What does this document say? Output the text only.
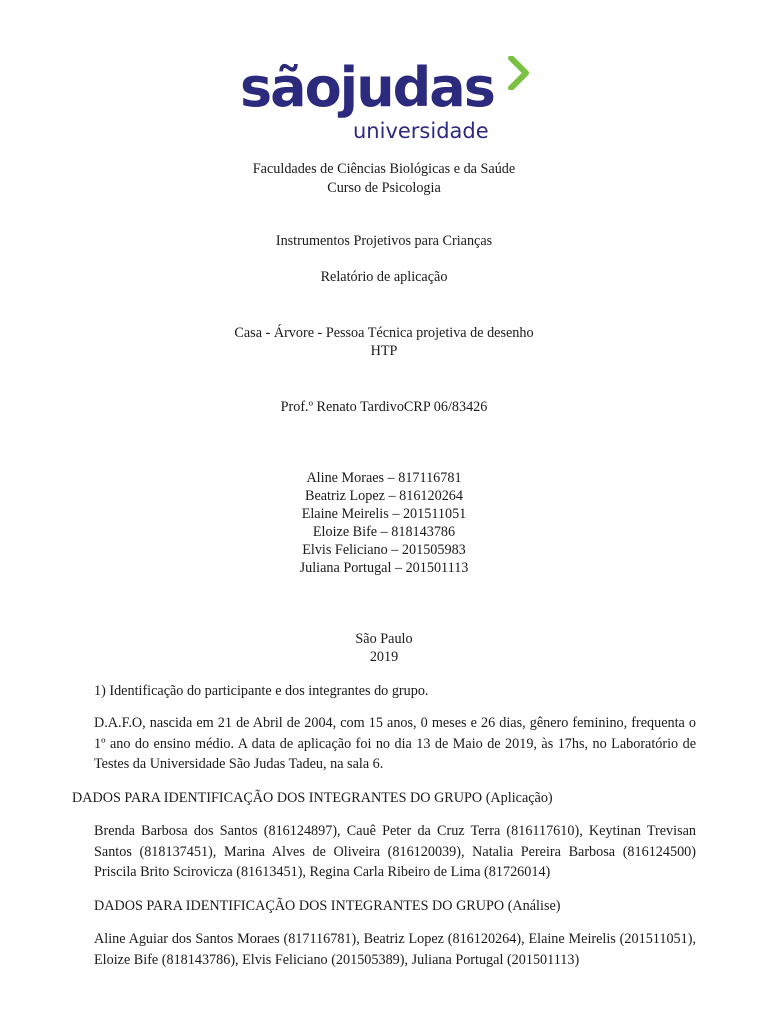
sãojudas
universidade
Faculdades de Ciências Biológicas e da Saúde
Curso de Psicologia
Instrumentos Projetivos para Crianças
Relatório de aplicação
Casa - Árvore - Pessoa Técnica projetiva de desenho
HTP
Prof.º Renato TardivoCRP 06/83426
Aline Moraes – 817116781
Beatriz Lopez – 816120264
Elaine Meirelis – 201511051
Eloize Bife – 818143786
Elvis Feliciano – 201505983
Juliana Portugal – 201501113
São Paulo
2019
1) Identificação do participante e dos integrantes do grupo.
D.A.F.O, nascida em 21 de Abril de 2004, com 15 anos, 0 meses e 26 dias, gênero feminino, frequenta o 1º ano do ensino médio. A data de aplicação foi no dia 13 de Maio de 2019, às 17hs, no Laboratório de Testes da Universidade São Judas Tadeu, na sala 6.
DADOS PARA IDENTIFICAÇÃO DOS INTEGRANTES DO GRUPO (Aplicação)
Brenda Barbosa dos Santos (816124897), Cauê Peter da Cruz Terra (816117610), Keytinan Trevisan Santos (818137451), Marina Alves de Oliveira (816120039), Natalia Pereira Barbosa (816124500) Priscila Brito Scirovicza (81613451), Regina Carla Ribeiro de Lima (81726014)
DADOS PARA IDENTIFICAÇÃO DOS INTEGRANTES DO GRUPO (Análise)
Aline Aguiar dos Santos Moraes (817116781), Beatriz Lopez (816120264), Elaine Meirelis (201511051), Eloize Bife (818143786), Elvis Feliciano (201505389), Juliana Portugal (201501113)
